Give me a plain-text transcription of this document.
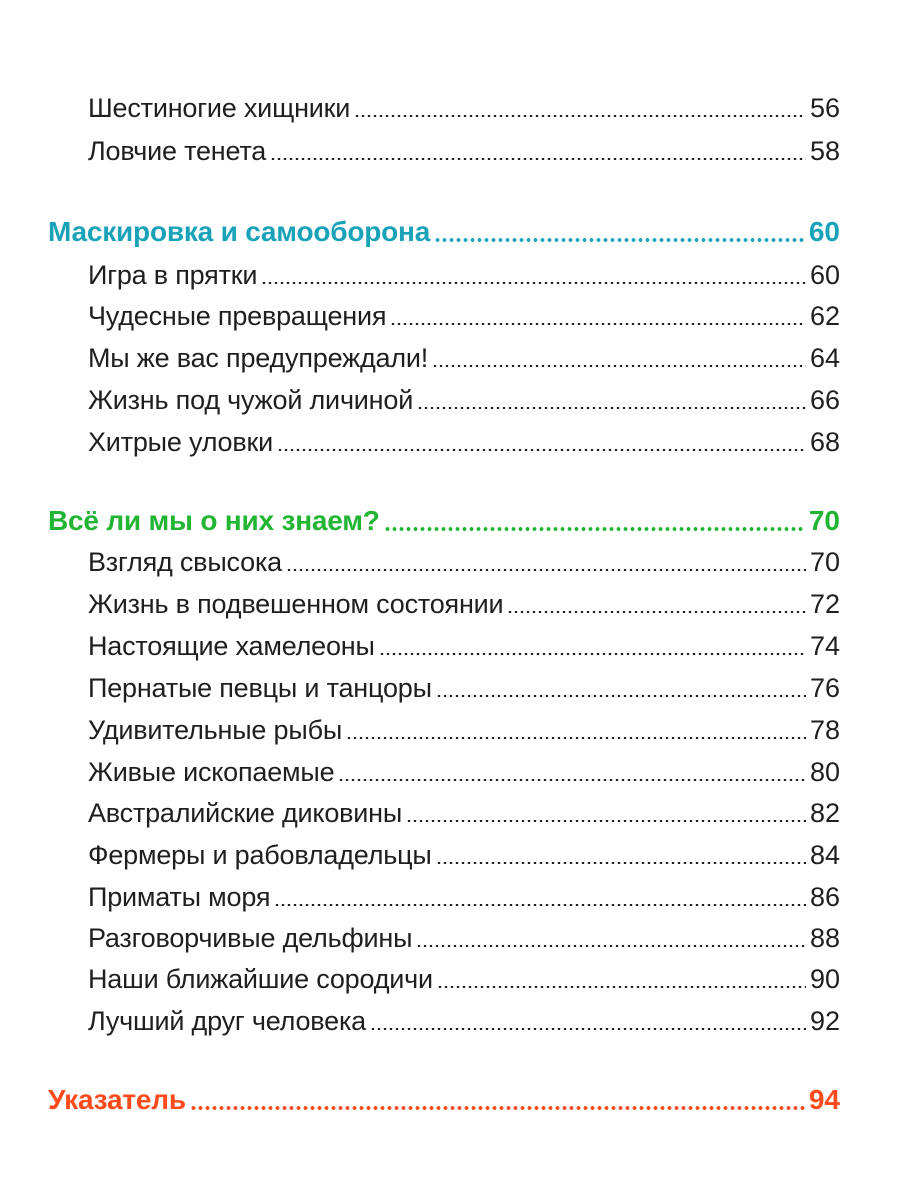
Шестиногие хищники	56
Ловчие тенета	58
Маскировка и самооборона	60
Игра в прятки	60
Чудесные превращения	62
Мы же вас предупреждали!	64
Жизнь под чужой личиной	66
Хитрые уловки	68
Всё ли мы о них знаем?	70
Взгляд свысока	70
Жизнь в подвешенном состоянии	72
Настоящие хамелеоны	74
Пернатые певцы и танцоры	76
Удивительные рыбы	78
Живые ископаемые	80
Австралийские диковины	82
Фермеры и рабовладельцы	84
Приматы моря	86
Разговорчивые дельфины	88
Наши ближайшие сородичи	90
Лучший друг человека	92
Указатель	94
